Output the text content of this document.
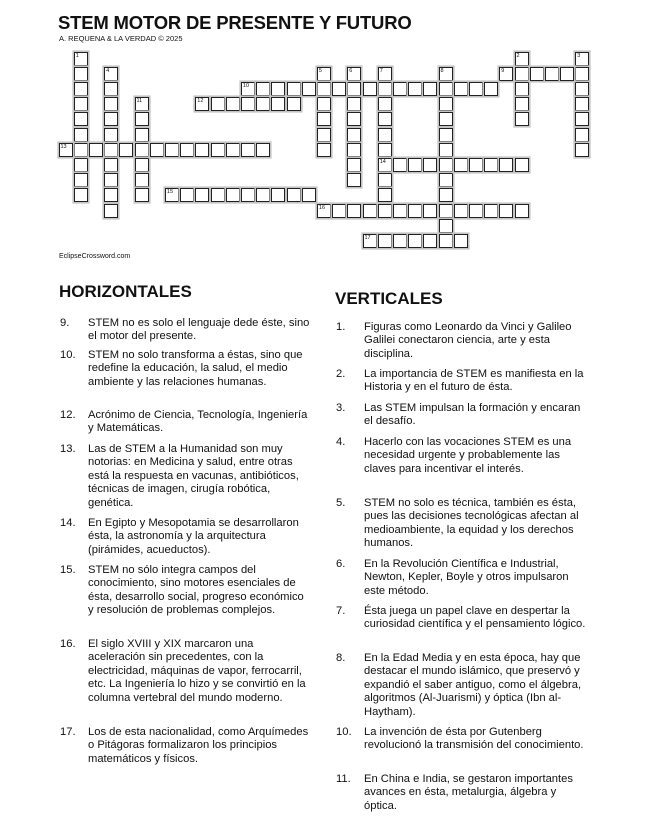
STEM MOTOR DE PRESENTE Y FUTURO
A. REQUENA & LA VERDAD © 2025
1	2	3
4	5	6	7
14
8	9
10
11	12
13
15
16
17
EclipseCrossword.com
HORIZONTALES
9.	STEM no es solo el lenguaje dede éste, sino el motor del presente.
10.	STEM no solo transforma a éstas, sino que redefine la educación, la salud, el medio ambiente y las relaciones humanas.
12.	Acrónimo de Ciencia, Tecnología, Ingeniería y Matemáticas.
13.	Las de STEM a la Humanidad son muy notorias: en Medicina y salud, entre otras está la respuesta en vacunas, antibióticos, técnicas de imagen, cirugía robótica, genética.
14.	En Egipto y Mesopotamia se desarrollaron ésta, la astronomía y la arquitectura (pirámides, acueductos).
15.	STEM no sólo integra campos del conocimiento, sino motores esenciales de ésta, desarrollo social, progreso económico y resolución de problemas complejos.
16.	El siglo XVIII y XIX marcaron una aceleración sin precedentes, con la electricidad, máquinas de vapor, ferrocarril, etc. La Ingeniería lo hizo y se convirtió en la columna vertebral del mundo moderno.
17.	Los de esta nacionalidad, como Arquímedes o Pitágoras formalizaron los principios matemáticos y físicos.
VERTICALES
1.	Figuras como Leonardo da Vinci y Galileo Galilei conectaron ciencia, arte y esta disciplina.
2.	La importancia de STEM es manifiesta en la Historia y en el futuro de ésta.
3.	Las STEM impulsan la formación y encaran el desafío.
4.	Hacerlo con las vocaciones STEM es una necesidad urgente y probablemente las claves para incentivar el interés.
5.	STEM no solo es técnica, también es ésta, pues las decisiones tecnológicas afectan al medioambiente, la equidad y los derechos humanos.
6.	En la Revolución Científica e Industrial, Newton, Kepler, Boyle y otros impulsaron este método.
7.	Ésta juega un papel clave en despertar la curiosidad científica y el pensamiento lógico.
8.	En la Edad Media y en esta época, hay que destacar el mundo islámico, que preservó y expandió el saber antiguo, como el álgebra, algoritmos (Al-Juarismi) y óptica (Ibn al-Haytham).
10.	La invención de ésta por Gutenberg revolucionó la transmisión del conocimiento.
11.	En China e India, se gestaron importantes avances en ésta, metalurgia, álgebra y óptica.
